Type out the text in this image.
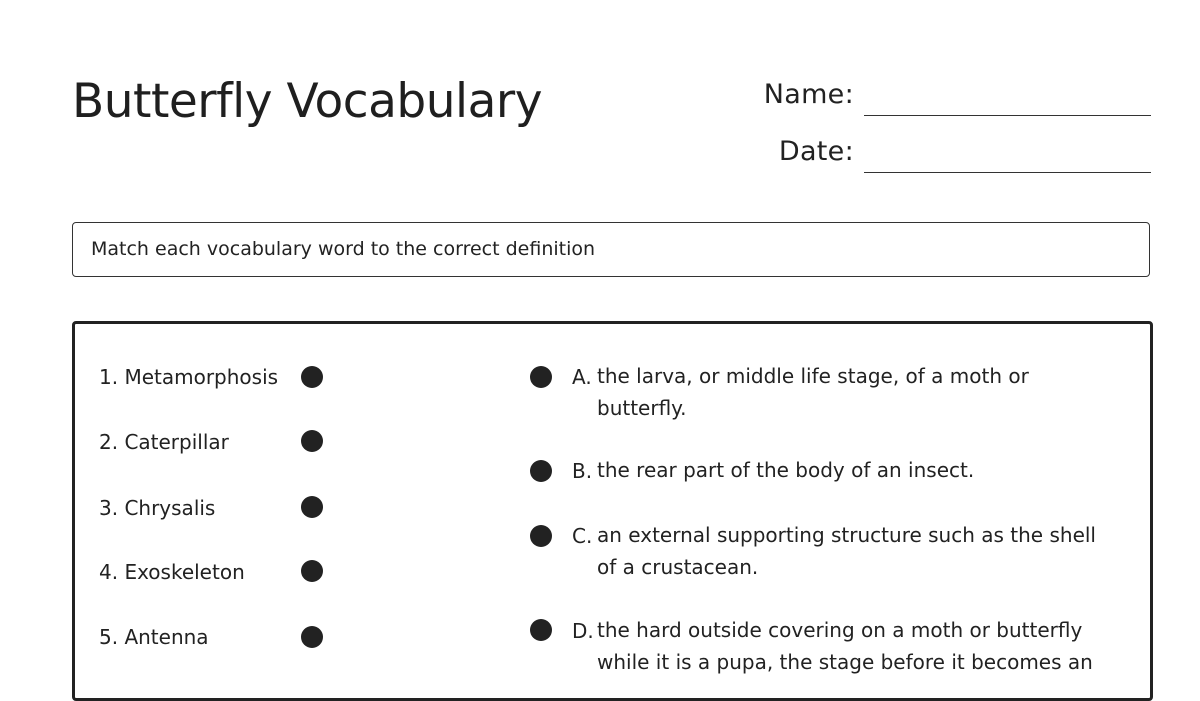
Butterfly Vocabulary	Name:
Date:
Match each vocabulary word to the correct definition
1. Metamorphosis
2. Caterpillar
3. Chrysalis
4. Exoskeleton
5. Antenna
A. the larva, or middle life stage, of a moth or butterfly.
B. the rear part of the body of an insect.
C. an external supporting structure such as the shell of a crustacean.
D. the hard outside covering on a moth or butterfly while it is a pupa, the stage before it becomes an
